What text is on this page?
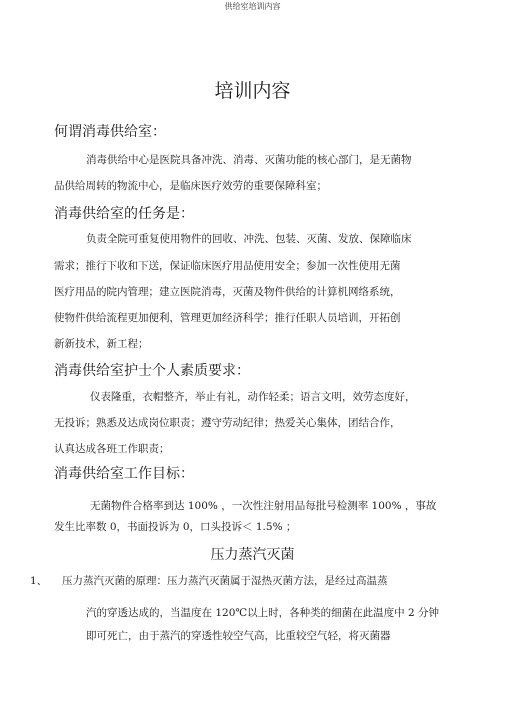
供给室培训内容
培训内容
何谓消毒供给室：

消毒供给中心是医院具备冲洗、消毒、灭菌功能的核心部门，是无菌物

品供给周转的物流中心，是临床医疗效劳的重要保障科室；

消毒供给室的任务是：

负责全院可重复使用物件的回收、冲洗、包装、灭菌、发放、保障临床

需求；推行下收和下送，保证临床医疗用品使用安全；参加一次性使用无菌

医疗用品的院内管理；建立医院消毒，灭菌及物件供给的计算机网络系统，

使物件供给流程更加便利，管理更加经济科学；推行任职人员培训，开拓创

新新技术，新工程；

消毒供给室护士个人素质要求：

仪表隆重，衣帽整齐，举止有礼，动作轻柔；语言文明，效劳态度好，

无投诉；熟悉及达成岗位职责；遵守劳动纪律；热爱关心集体，团结合作，

认真达成各班工作职责；

消毒供给室工作目标：

无菌物件合格率到达 100% ，一次性注射用品每批号检测率 100% ，事故

发生比率数 0，书面投诉为 0，口头投诉＜ 1.5% ；

压力蒸汽灭菌

1、 压力蒸汽灭菌的原理：压力蒸汽灭菌属于湿热灭菌方法，是经过高温蒸

汽的穿透达成的，当温度在 120℃以上时，各种类的细菌在此温度中 2 分钟

即可死亡，由于蒸汽的穿透性较空气高，比重较空气轻，将灭菌器
